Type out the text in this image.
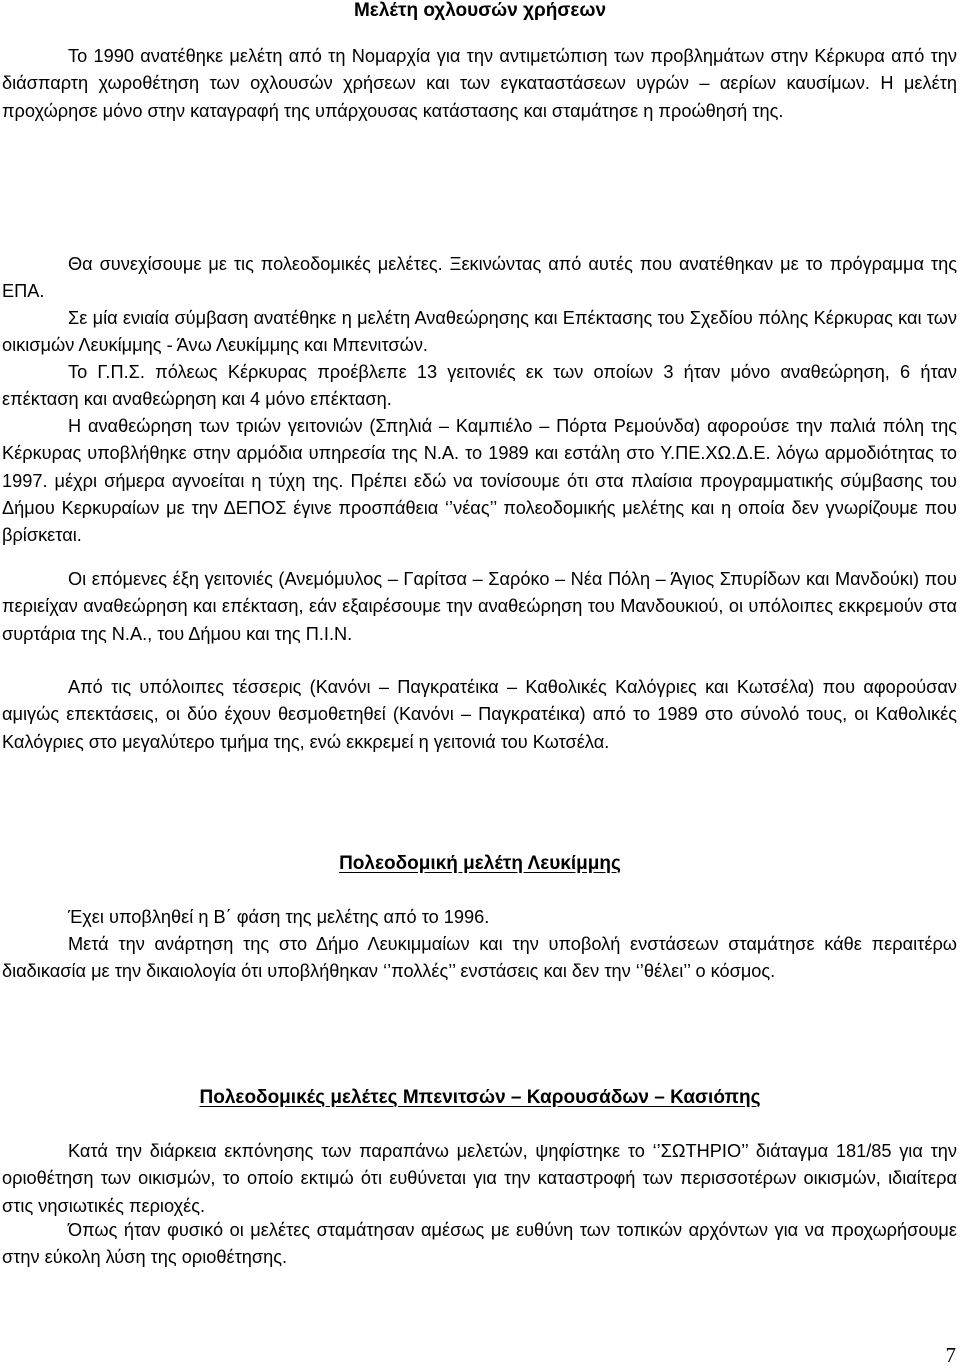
Μελέτη οχλουσών χρήσεων

Το 1990 ανατέθηκε μελέτη από τη Νομαρχία για την αντιμετώπιση των προβλημάτων στην Κέρκυρα από την διάσπαρτη χωροθέτηση των οχλουσών χρήσεων και των εγκαταστάσεων υγρών – αερίων καυσίμων. Η μελέτη προχώρησε μόνο στην καταγραφή της υπάρχουσας κατάστασης και σταμάτησε η προώθησή της.

Θα συνεχίσουμε με τις πολεοδομικές μελέτες. Ξεκινώντας από αυτές που ανατέθηκαν με το πρόγραμμα της ΕΠΑ.

Σε μία ενιαία σύμβαση ανατέθηκε η μελέτη Αναθεώρησης και Επέκτασης του Σχεδίου πόλης Κέρκυρας και των οικισμών Λευκίμμης - Άνω Λευκίμμης και Μπενιτσών.

Το Γ.Π.Σ. πόλεως Κέρκυρας προέβλεπε 13 γειτονιές εκ των οποίων 3 ήταν μόνο αναθεώρηση, 6 ήταν επέκταση και αναθεώρηση και 4 μόνο επέκταση.

Η αναθεώρηση των τριών γειτονιών (Σπηλιά – Καμπιέλο – Πόρτα Ρεμούνδα) αφορούσε την παλιά πόλη της Κέρκυρας υποβλήθηκε στην αρμόδια υπηρεσία της Ν.Α. το 1989 και εστάλη στο Υ.ΠΕ.ΧΩ.Δ.Ε. λόγω αρμοδιότητας το 1997. μέχρι σήμερα αγνοείται η τύχη της. Πρέπει εδώ να τονίσουμε ότι στα πλαίσια προγραμματικής σύμβασης του Δήμου Κερκυραίων με την ΔΕΠΟΣ έγινε προσπάθεια ‘’νέας’’ πολεοδομικής μελέτης και η οποία δεν γνωρίζουμε που βρίσκεται.

Οι επόμενες έξη γειτονιές (Ανεμόμυλος – Γαρίτσα – Σαρόκο – Νέα Πόλη – Άγιος Σπυρίδων και Μανδούκι) που περιείχαν αναθεώρηση και επέκταση, εάν εξαιρέσουμε την αναθεώρηση του Μανδουκιού, οι υπόλοιπες εκκρεμούν στα συρτάρια της Ν.Α., του Δήμου και της Π.Ι.Ν.

Από τις υπόλοιπες τέσσερις (Κανόνι – Παγκρατέικα – Καθολικές Καλόγριες και Κωτσέλα) που αφορούσαν αμιγώς επεκτάσεις, οι δύο έχουν θεσμοθετηθεί (Κανόνι – Παγκρατέικα) από το 1989 στο σύνολό τους, οι Καθολικές Καλόγριες στο μεγαλύτερο τμήμα της, ενώ εκκρεμεί η γειτονιά του Κωτσέλα.

Πολεοδομική μελέτη Λευκίμμης

Έχει υποβληθεί η Β΄ φάση της μελέτης από το 1996.

Μετά την ανάρτηση της στο Δήμο Λευκιμμαίων και την υποβολή ενστάσεων σταμάτησε κάθε περαιτέρω διαδικασία με την δικαιολογία ότι υποβλήθηκαν ‘’πολλές’’ ενστάσεις και δεν την ‘’θέλει’’ ο κόσμος.

Πολεοδομικές μελέτες Μπενιτσών – Καρουσάδων – Κασιόπης

Κατά την διάρκεια εκπόνησης των παραπάνω μελετών, ψηφίστηκε το ‘’ΣΩΤΗΡΙΟ’’ διάταγμα 181/85 για την οριοθέτηση των οικισμών, το οποίο εκτιμώ ότι ευθύνεται για την καταστροφή των περισσοτέρων οικισμών, ιδιαίτερα στις νησιωτικές περιοχές.

Όπως ήταν φυσικό οι μελέτες σταμάτησαν αμέσως με ευθύνη των τοπικών αρχόντων για να προχωρήσουμε στην εύκολη λύση της οριοθέτησης.

7
